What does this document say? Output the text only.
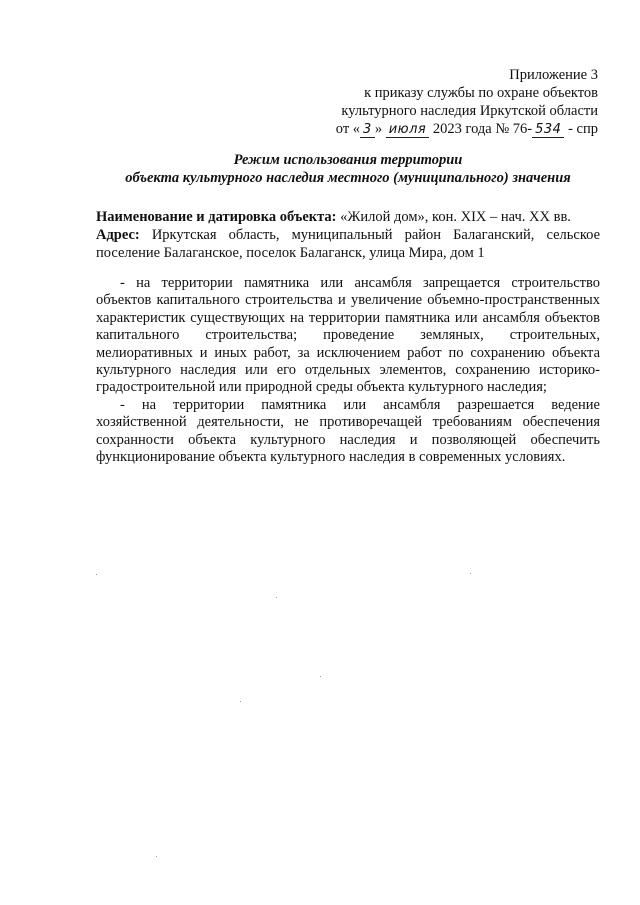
Приложение 3
к приказу службы по охране объектов
культурного наследия Иркутской области
от « 3 » июля 2023 года № 76- 534 - спр
Режим использования территории
объекта культурного наследия местного (муниципального) значения
Наименование и датировка объекта: «Жилой дом», кон. XIX – нач. XX вв.
Адрес: Иркутская область, муниципальный район Балаганский, сельское поселение Балаганское, поселок Балаганск, улица Мира, дом 1

- на территории памятника или ансамбля запрещается строительство объектов капитального строительства и увеличение объемно-пространственных характеристик существующих на территории памятника или ансамбля объектов капитального строительства; проведение земляных, строительных, мелиоративных и иных работ, за исключением работ по сохранению объекта культурного наследия или его отдельных элементов, сохранению историко-градостроительной или природной среды объекта культурного наследия;

- на территории памятника или ансамбля разрешается ведение хозяйственной деятельности, не противоречащей требованиям обеспечения сохранности объекта культурного наследия и позволяющей обеспечить функционирование объекта культурного наследия в современных условиях.
